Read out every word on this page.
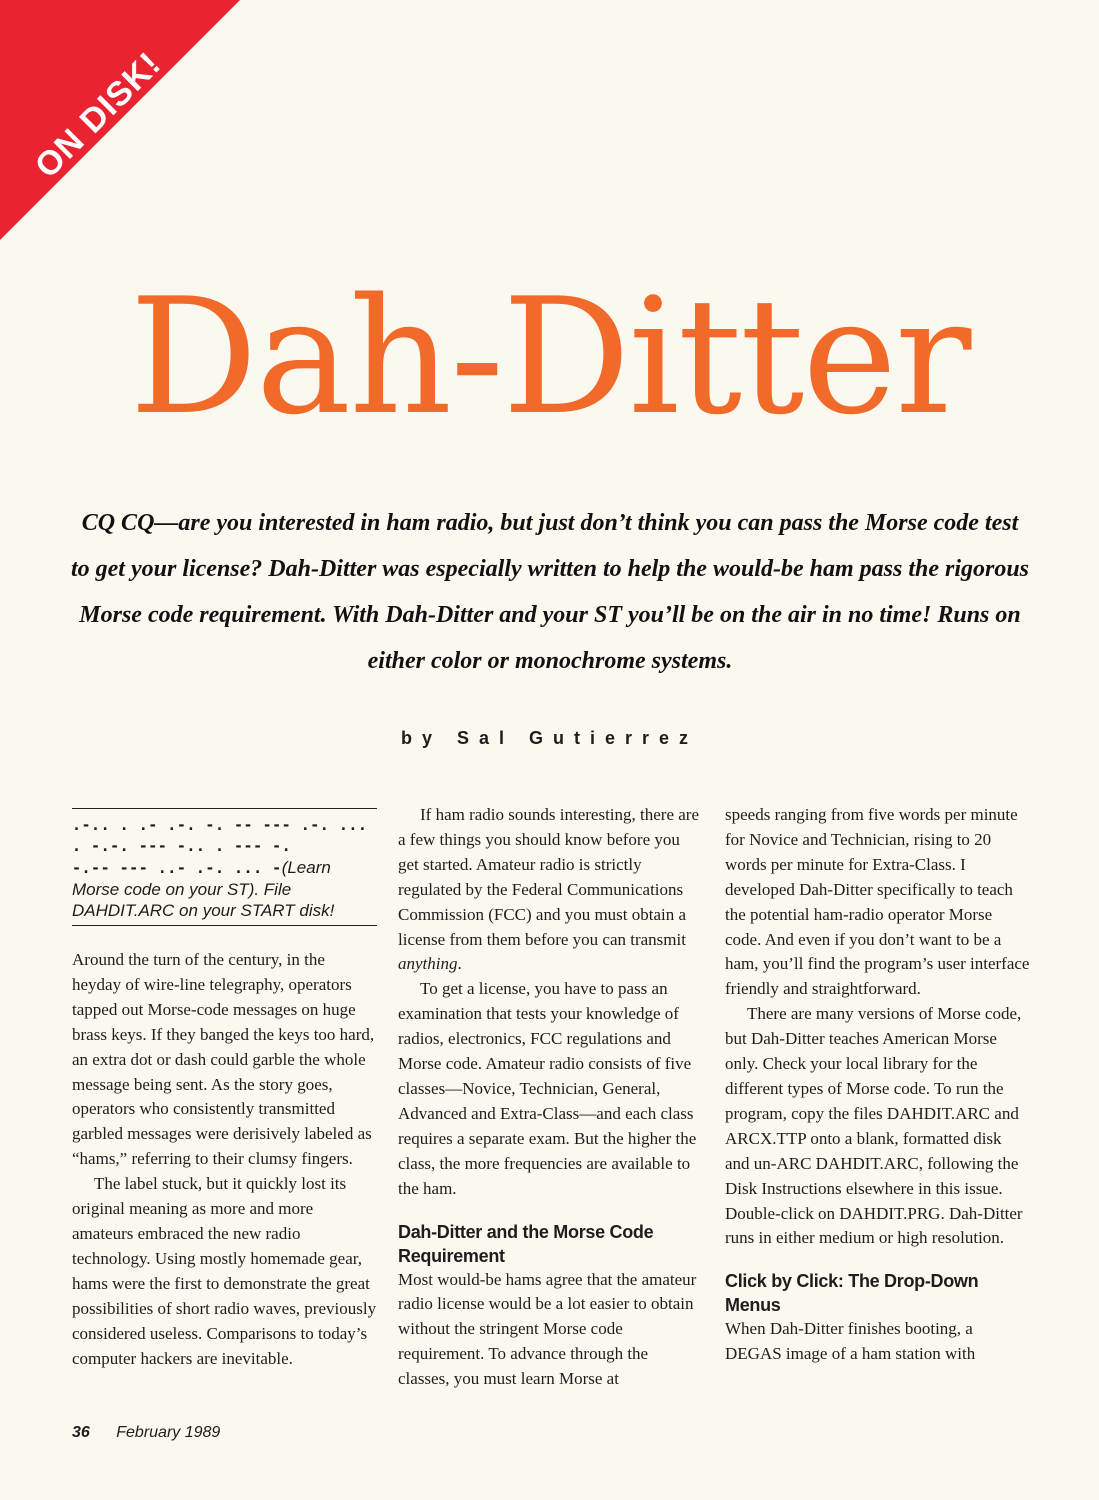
ON DISK!
Dah-Ditter
CQ CQ—are you interested in ham radio, but just don’t think you can pass the Morse code test to get your license? Dah-Ditter was especially written to help the would-be ham pass the rigorous Morse code requirement. With Dah-Ditter and your ST you’ll be on the air in no time! Runs on either color or monochrome systems.
by Sal Gutierrez
.-.. . .- .-. -. -- --- .-. ...
. -.-. --- -.. . --- -.
-.-- --- ..- .-. ... -(Learn Morse code on your ST). File DAHDIT.ARC on your START disk!

Around the turn of the century, in the heyday of wire-line telegraphy, operators tapped out Morse-code messages on huge brass keys. If they banged the keys too hard, an extra dot or dash could garble the whole message being sent. As the story goes, operators who consistently transmitted garbled messages were derisively labeled as “hams,” referring to their clumsy fingers.

The label stuck, but it quickly lost its original meaning as more and more amateurs embraced the new radio technology. Using mostly homemade gear, hams were the first to demonstrate the great possibilities of short radio waves, previously considered useless. Comparisons to today’s computer hackers are inevitable.

If ham radio sounds interesting, there are a few things you should know before you get started. Amateur radio is strictly regulated by the Federal Communications Commission (FCC) and you must obtain a license from them before you can transmit anything.

To get a license, you have to pass an examination that tests your knowledge of radios, electronics, FCC regulations and Morse code. Amateur radio consists of five classes—Novice, Technician, General, Advanced and Extra-Class—and each class requires a separate exam. But the higher the class, the more frequencies are available to the ham.

Dah-Ditter and the Morse Code Requirement

Most would-be hams agree that the amateur radio license would be a lot easier to obtain without the stringent Morse code requirement. To advance through the classes, you must learn Morse at

speeds ranging from five words per minute for Novice and Technician, rising to 20 words per minute for Extra-Class. I developed Dah-Ditter specifically to teach the potential ham-radio operator Morse code. And even if you don’t want to be a ham, you’ll find the program’s user interface friendly and straightforward.

There are many versions of Morse code, but Dah-Ditter teaches American Morse only. Check your local library for the different types of Morse code. To run the program, copy the files DAHDIT.ARC and ARCX.TTP onto a blank, formatted disk and un-ARC DAHDIT.ARC, following the Disk Instructions elsewhere in this issue. Double-click on DAHDIT.PRG. Dah-Ditter runs in either medium or high resolution.

Click by Click: The Drop-Down Menus

When Dah-Ditter finishes booting, a DEGAS image of a ham station with

36 February 1989
